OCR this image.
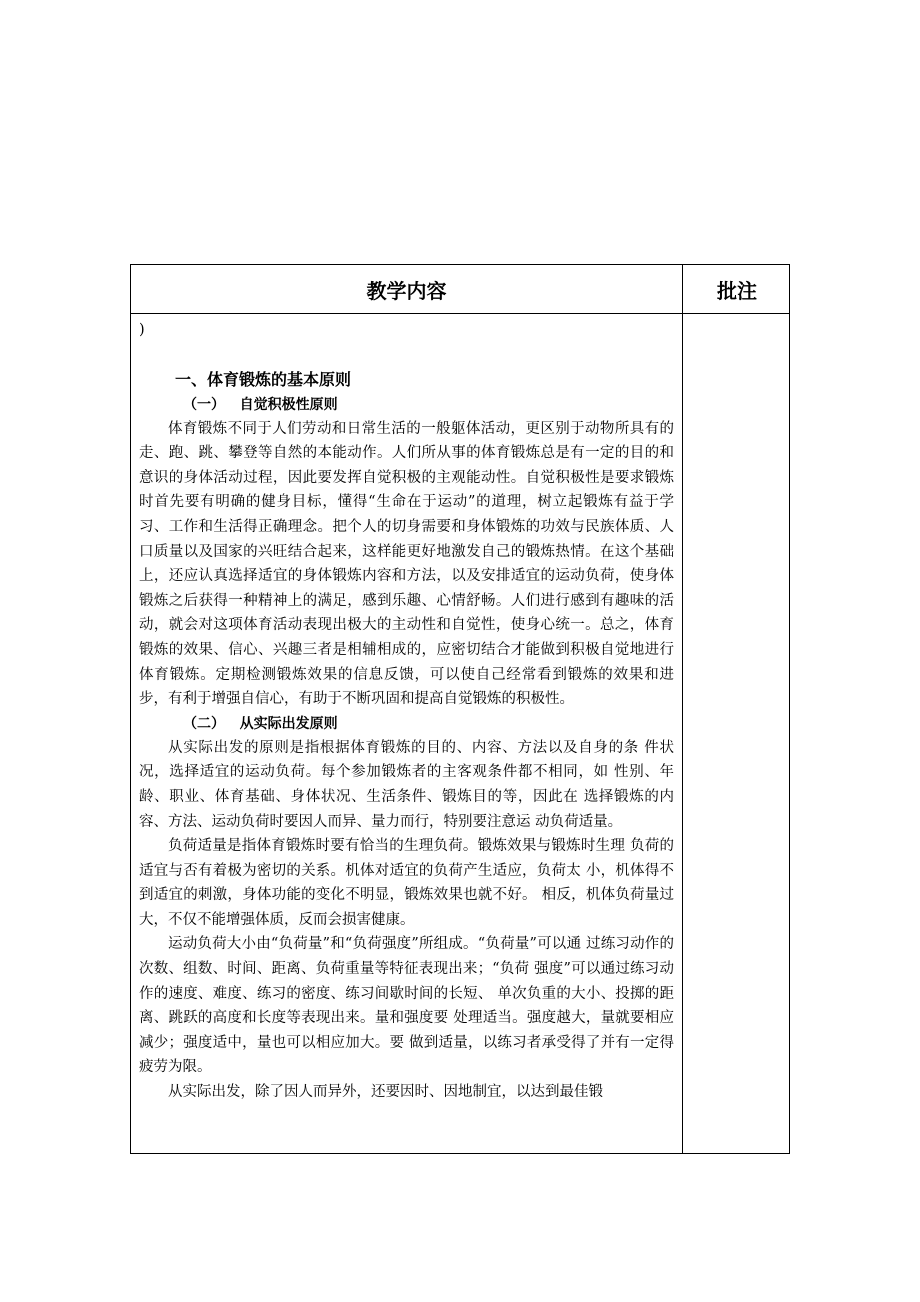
教学内容	批注

)

一、体育锻炼的基本原则
（一）   自觉积极性原则

体育锻炼不同于人们劳动和日常生活的一般躯体活动，更区别于动物所具有的走、跑、跳、攀登等自然的本能动作。人们所从事的体育锻炼总是有一定的目的和意识的身体活动过程，因此要发挥自觉积极的主观能动性。自觉积极性是要求锻炼时首先要有明确的健身目标，懂得“生命在于运动”的道理，树立起锻炼有益于学习、工作和生活得正确理念。把个人的切身需要和身体锻炼的功效与民族体质、人口质量以及国家的兴旺结合起来，这样能更好地激发自己的锻炼热情。在这个基础上，还应认真选择适宜的身体锻炼内容和方法，以及安排适宜的运动负荷，使身体锻炼之后获得一种精神上的满足，感到乐趣、心情舒畅。人们进行感到有趣味的活动，就会对这项体育活动表现出极大的主动性和自觉性，使身心统一。总之，体育锻炼的效果、信心、兴趣三者是相辅相成的，应密切结合才能做到积极自觉地进行体育锻炼。定期检测锻炼效果的信息反馈，可以使自己经常看到锻炼的效果和进步，有利于增强自信心，有助于不断巩固和提高自觉锻炼的积极性。

（二）   从实际出发原则

从实际出发的原则是指根据体育锻炼的目的、内容、方法以及自身的条 件状况，选择适宜的运动负荷。每个参加锻炼者的主客观条件都不相同，如 性别、年龄、职业、体育基础、身体状况、生活条件、锻炼目的等，因此在 选择锻炼的内容、方法、运动负荷时要因人而异、量力而行，特别要注意运 动负荷适量。

负荷适量是指体育锻炼时要有恰当的生理负荷。锻炼效果与锻炼时生理 负荷的适宜与否有着极为密切的关系。机体对适宜的负荷产生适应，负荷太 小，机体得不到适宜的刺激，身体功能的变化不明显，锻炼效果也就不好。 相反，机体负荷量过大，不仅不能增强体质，反而会损害健康。

运动负荷大小由“负荷量”和“负荷强度”所组成。“负荷量”可以通 过练习动作的次数、组数、时间、距离、负荷重量等特征表现出来；“负荷 强度”可以通过练习动作的速度、难度、练习的密度、练习间歇时间的长短、 单次负重的大小、投掷的距离、跳跃的高度和长度等表现出来。量和强度要 处理适当。强度越大，量就要相应减少；强度适中，量也可以相应加大。要 做到适量，以练习者承受得了并有一定得疲劳为限。

从实际出发，除了因人而异外，还要因时、因地制宜，以达到最佳锻
